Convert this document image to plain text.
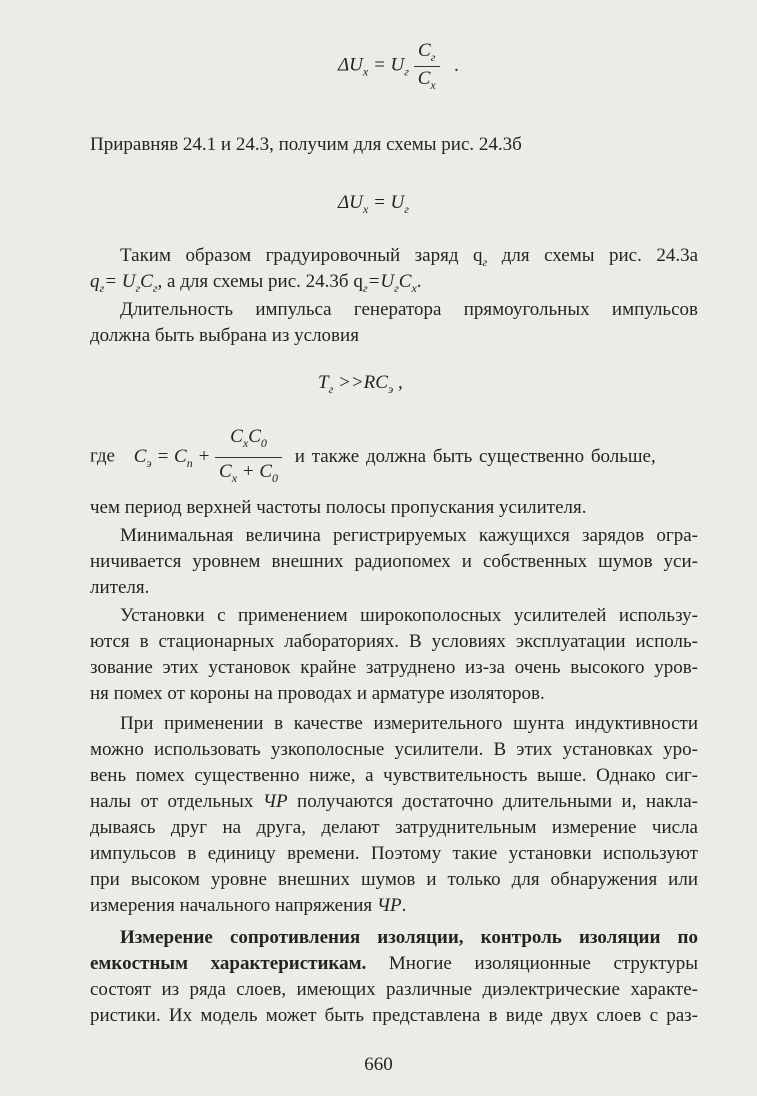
$\Delta U_x = U_г \frac{C_г}{C_x}$ .
Приравняв 24.1 и 24.3, получим для схемы рис. 24.3б
$\Delta U_x = U_г$
Таким образом градуировочный заряд $q_г$ для схемы рис. 24.3а
$q_г= U_гC_г$, а для схемы рис. 24.3б $q_г=U_гC_x$.
Длительность импульса генератора прямоугольных импульсов
должна быть выбрана из условия
$T_г >>RC_э$ ,
где $C_э = C_п + \frac{C_xC_0}{C_x + C_0}$ и также должна быть существенно больше,
чем период верхней частоты полосы пропускания усилителя.
Минимальная величина регистрируемых кажущихся зарядов огра-
ничивается уровнем внешних радиопомех и собственных шумов уси-
лителя.
Установки с применением широкополосных усилителей использу-
ются в стационарных лабораториях. В условиях эксплуатации исполь-
зование этих установок крайне затруднено из-за очень высокого уров-
ня помех от короны на проводах и арматуре изоляторов.
При применении в качестве измерительного шунта индуктивности
можно использовать узкополосные усилители. В этих установках уро-
вень помех существенно ниже, а чувствительность выше. Однако сиг-
налы от отдельных ЧР получаются достаточно длительными и, накла-
дываясь друг на друга, делают затруднительным измерение числа
импульсов в единицу времени. Поэтому такие установки используют
при высоком уровне внешних шумов и только для обнаружения или
измерения начального напряжения ЧР.
Измерение сопротивления изоляции, контроль изоляции по
емкостным характеристикам. Многие изоляционные структуры
состоят из ряда слоев, имеющих различные диэлектрические характе-
ристики. Их модель может быть представлена в виде двух слоев с раз-
660
